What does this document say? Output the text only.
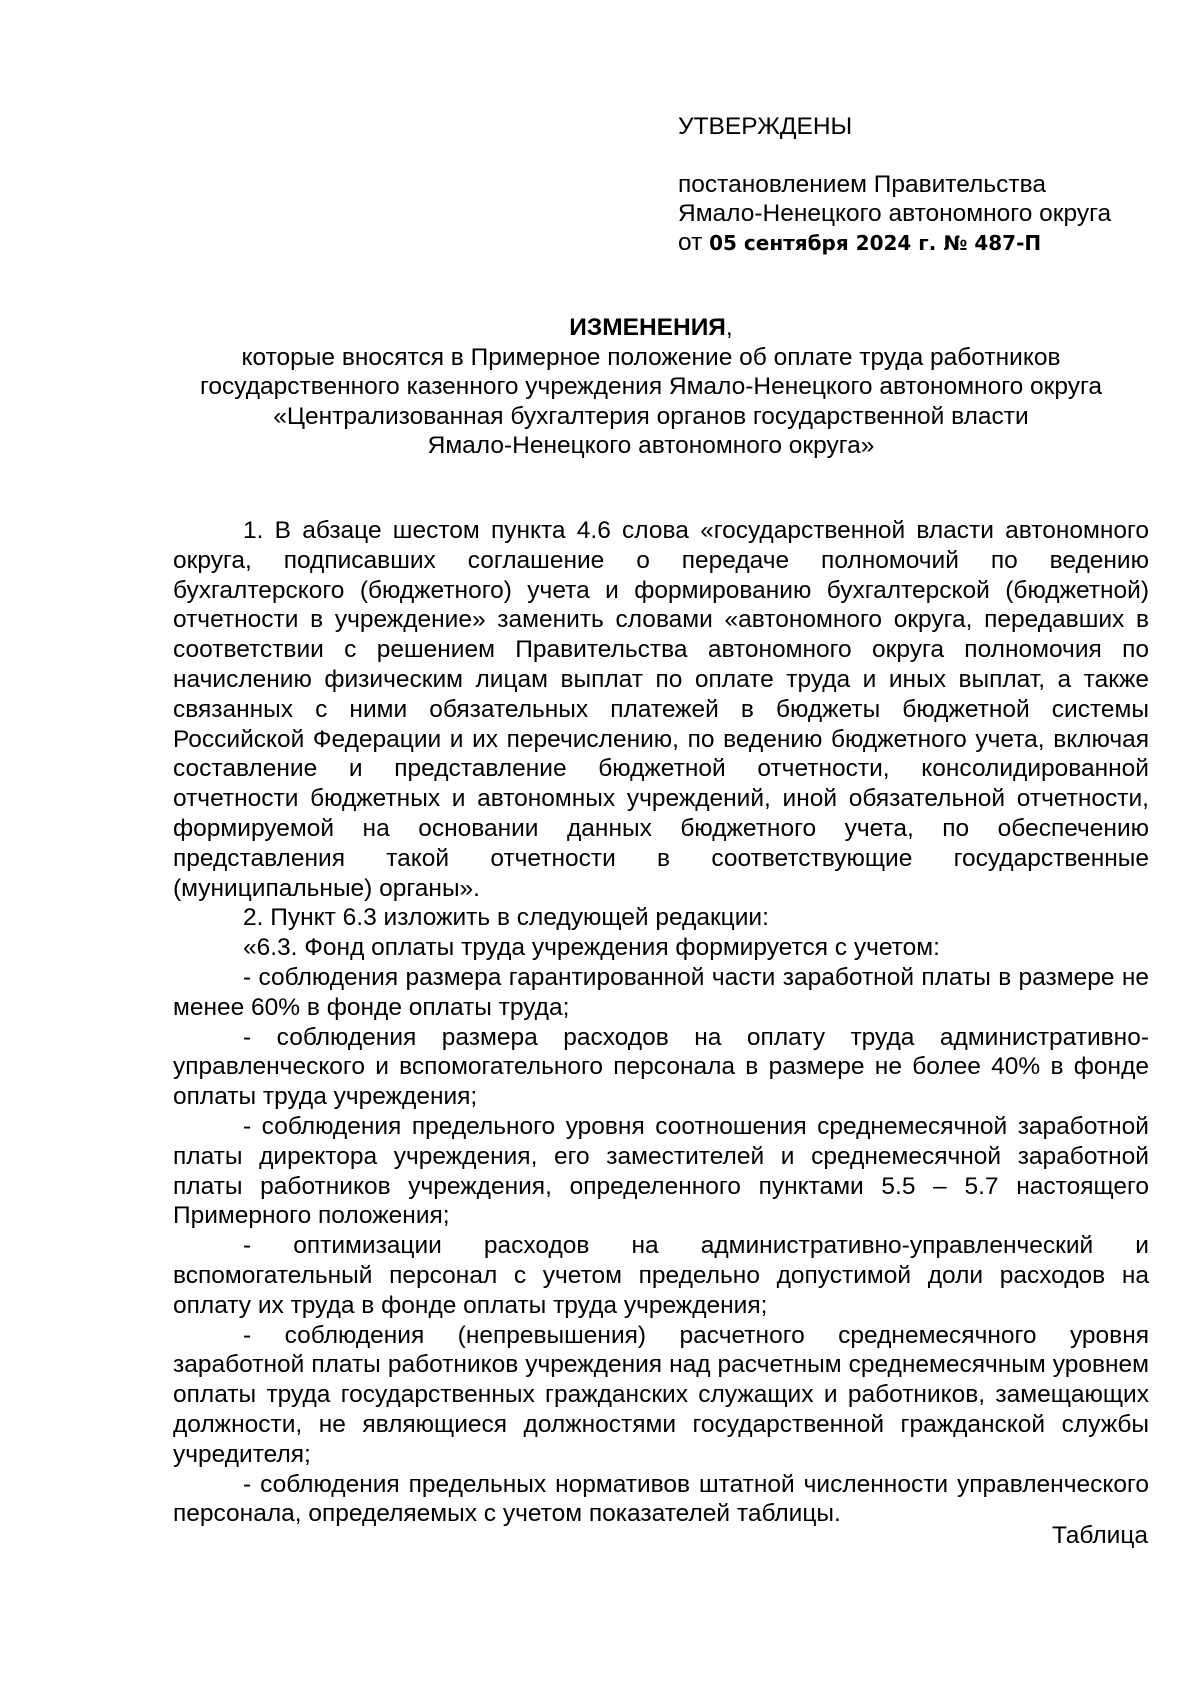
УТВЕРЖДЕНЫ
постановлением Правительства
Ямало-Ненецкого автономного округа
от 05 сентября 2024 г. № 487-П
ИЗМЕНЕНИЯ,
которые вносятся в Примерное положение об оплате труда работников
государственного казенного учреждения Ямало-Ненецкого автономного округа
«Централизованная бухгалтерия органов государственной власти
Ямало-Ненецкого автономного округа»

1. В абзаце шестом пункта 4.6 слова «государственной власти автономного округа, подписавших соглашение о передаче полномочий по ведению бухгалтерского (бюджетного) учета и формированию бухгалтерской (бюджетной) отчетности в учреждение» заменить словами «автономного округа, передавших в соответствии с решением Правительства автономного округа полномочия по начислению физическим лицам выплат по оплате труда и иных выплат, а также связанных с ними обязательных платежей в бюджеты бюджетной системы Российской Федерации и их перечислению, по ведению бюджетного учета, включая составление и представление бюджетной отчетности, консолидированной отчетности бюджетных и автономных учреждений, иной обязательной отчетности, формируемой на основании данных бюджетного учета, по обеспечению представления такой отчетности в соответствующие государственные (муниципальные) органы».

2. Пункт 6.3 изложить в следующей редакции:

«6.3. Фонд оплаты труда учреждения формируется с учетом:

- соблюдения размера гарантированной части заработной платы в размере не менее 60% в фонде оплаты труда;

- соблюдения размера расходов на оплату труда административно-управленческого и вспомогательного персонала в размере не более 40% в фонде оплаты труда учреждения;

- соблюдения предельного уровня соотношения среднемесячной заработной платы директора учреждения, его заместителей и среднемесячной заработной платы работников учреждения, определенного пунктами 5.5 – 5.7 настоящего Примерного положения;

- оптимизации расходов на административно-управленческий и вспомогательный персонал с учетом предельно допустимой доли расходов на оплату их труда в фонде оплаты труда учреждения;

- соблюдения (непревышения) расчетного среднемесячного уровня заработной платы работников учреждения над расчетным среднемесячным уровнем оплаты труда государственных гражданских служащих и работников, замещающих должности, не являющиеся должностями государственной гражданской службы учредителя;

- соблюдения предельных нормативов штатной численности управленческого персонала, определяемых с учетом показателей таблицы.

Таблица
